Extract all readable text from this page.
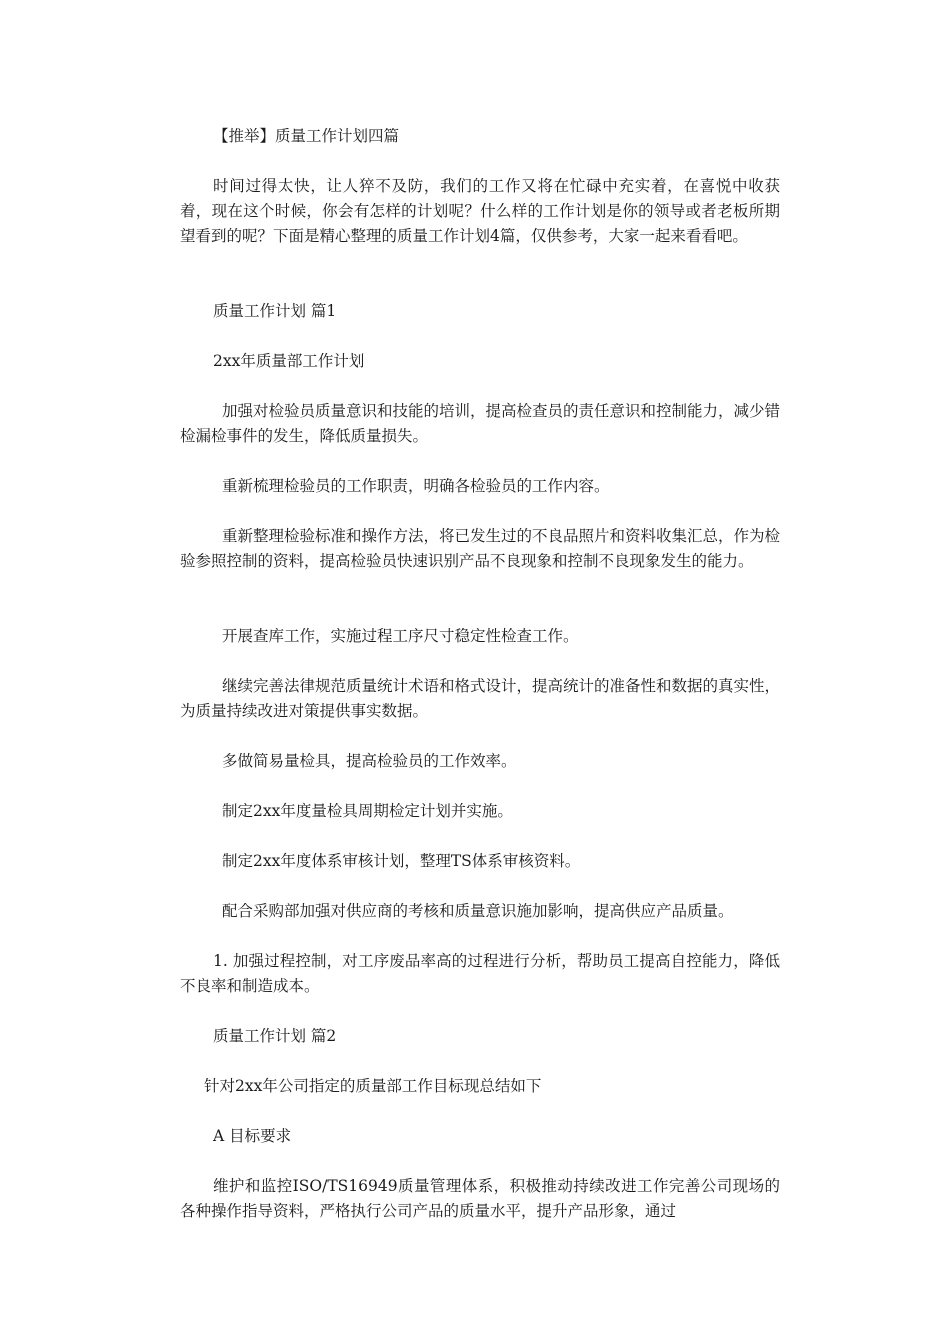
【推举】质量工作计划四篇

时间过得太快，让人猝不及防，我们的工作又将在忙碌中充实着，在喜悦中收获着，现在这个时候，你会有怎样的计划呢？什么样的工作计划是你的领导或者老板所期望看到的呢？下面是精心整理的质量工作计划4篇，仅供参考，大家一起来看看吧。

质量工作计划 篇1

2xx年质量部工作计划

加强对检验员质量意识和技能的培训，提高检查员的责任意识和控制能力，减少错检漏检事件的发生，降低质量损失。

重新梳理检验员的工作职责，明确各检验员的工作内容。

重新整理检验标准和操作方法，将已发生过的不良品照片和资料收集汇总，作为检验参照控制的资料，提高检验员快速识别产品不良现象和控制不良现象发生的能力。

开展查库工作，实施过程工序尺寸稳定性检查工作。

继续完善法律规范质量统计术语和格式设计，提高统计的准备性和数据的真实性，为质量持续改进对策提供事实数据。

多做简易量检具，提高检验员的工作效率。

制定2xx年度量检具周期检定计划并实施。

制定2xx年度体系审核计划，整理TS体系审核资料。

配合采购部加强对供应商的考核和质量意识施加影响，提高供应产品质量。

1. 加强过程控制，对工序废品率高的过程进行分析，帮助员工提高自控能力，降低不良率和制造成本。

质量工作计划 篇2

针对2xx年公司指定的质量部工作目标现总结如下

A 目标要求

维护和监控ISO/TS16949质量管理体系，积极推动持续改进工作完善公司现场的各种操作指导资料，严格执行公司产品的质量水平，提升产品形象，通过
